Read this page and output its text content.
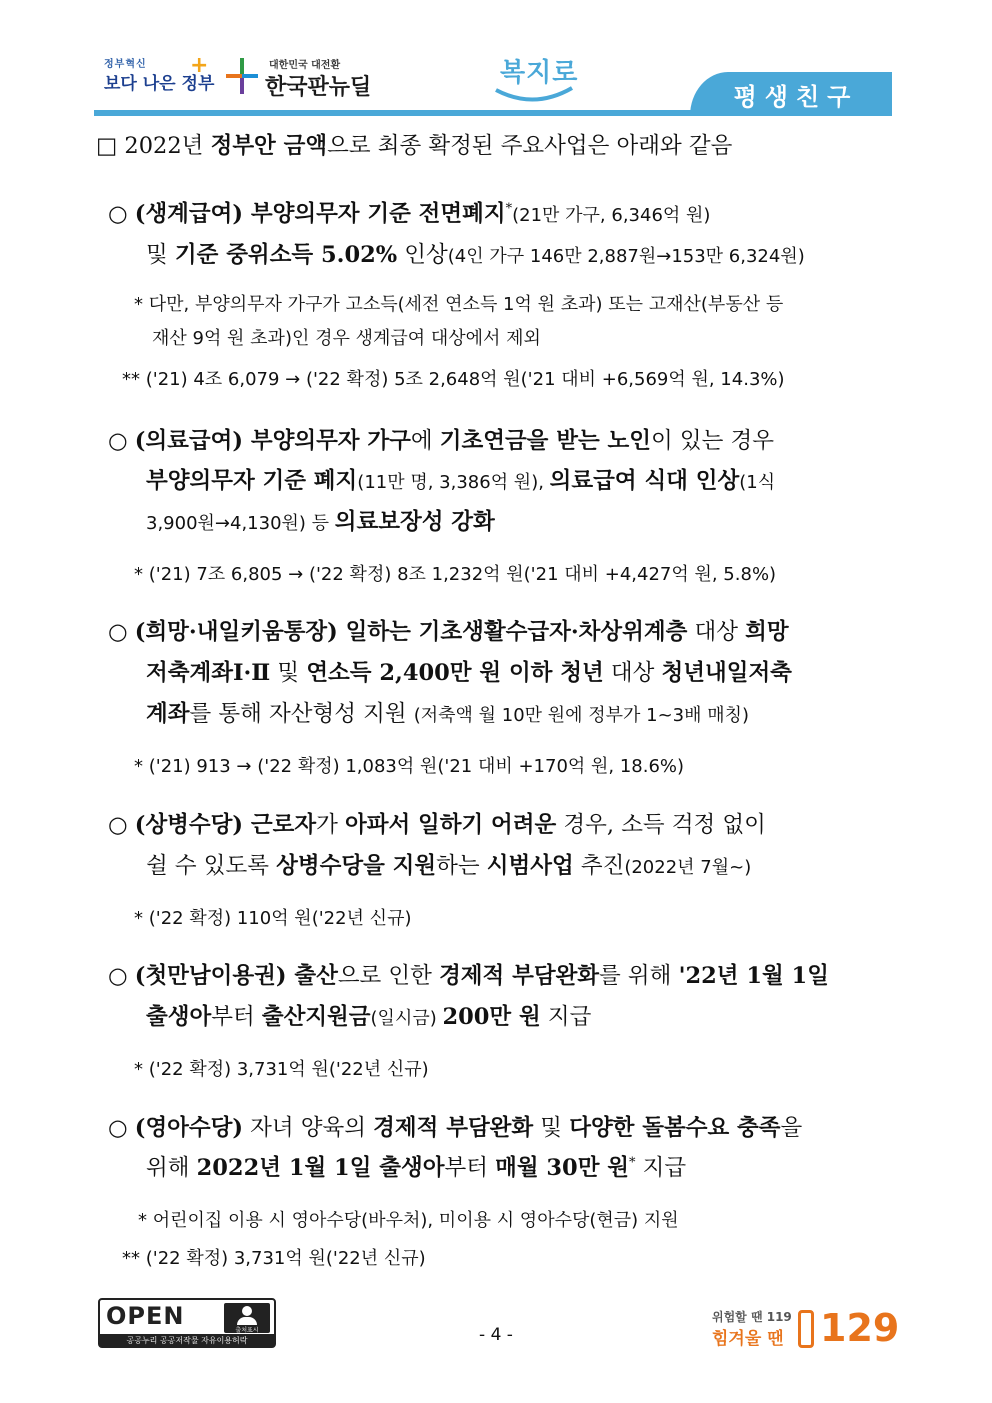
정부혁신
보다 나은 정부
+	대한민국 대전환
한국판뉴딜	복지로
평생친구
□ 2022년 정부안 금액으로 최종 확정된 주요사업은 아래와 같음
○ (생계급여) 부양의무자 기준 전면폐지*(21만 가구, 6,346억 원)
및 기준 중위소득 5.02% 인상(4인 가구 146만 2,887원→153만 6,324원)
* 다만, 부양의무자 가구가 고소득(세전 연소득 1억 원 초과) 또는 고재산(부동산 등
재산 9억 원 초과)인 경우 생계급여 대상에서 제외
** ('21) 4조 6,079 → ('22 확정) 5조 2,648억 원('21 대비 +6,569억 원, 14.3%)
○ (의료급여) 부양의무자 가구에 기초연금을 받는 노인이 있는 경우
부양의무자 기준 폐지(11만 명, 3,386억 원), 의료급여 식대 인상(1식
3,900원→4,130원) 등 의료보장성 강화
* ('21) 7조 6,805 → ('22 확정) 8조 1,232억 원('21 대비 +4,427억 원, 5.8%)
○ (희망·내일키움통장) 일하는 기초생활수급자·차상위계층 대상 희망
저축계좌Ⅰ·Ⅱ 및 연소득 2,400만 원 이하 청년 대상 청년내일저축
계좌를 통해 자산형성 지원 (저축액 월 10만 원에 정부가 1~3배 매칭)
* ('21) 913 → ('22 확정) 1,083억 원('21 대비 +170억 원, 18.6%)
○ (상병수당) 근로자가 아파서 일하기 어려운 경우, 소득 걱정 없이
쉴 수 있도록 상병수당을 지원하는 시범사업 추진(2022년 7월~)
* ('22 확정) 110억 원('22년 신규)
○ (첫만남이용권) 출산으로 인한 경제적 부담완화를 위해 '22년 1월 1일
출생아부터 출산지원금(일시금) 200만 원 지급
* ('22 확정) 3,731억 원('22년 신규)
○ (영아수당) 자녀 양육의 경제적 부담완화 및 다양한 돌봄수요 충족을
위해 2022년 1월 1일 출생아부터 매월 30만 원* 지급
* 어린이집 이용 시 영아수당(바우처), 미이용 시 영아수당(현금) 지원
** ('22 확정) 3,731억 원('22년 신규)
OPEN
출처표시
공공누리 공공저작물 자유이용허락	- 4 -
위험할 땐 119
힘겨울 땐 129
